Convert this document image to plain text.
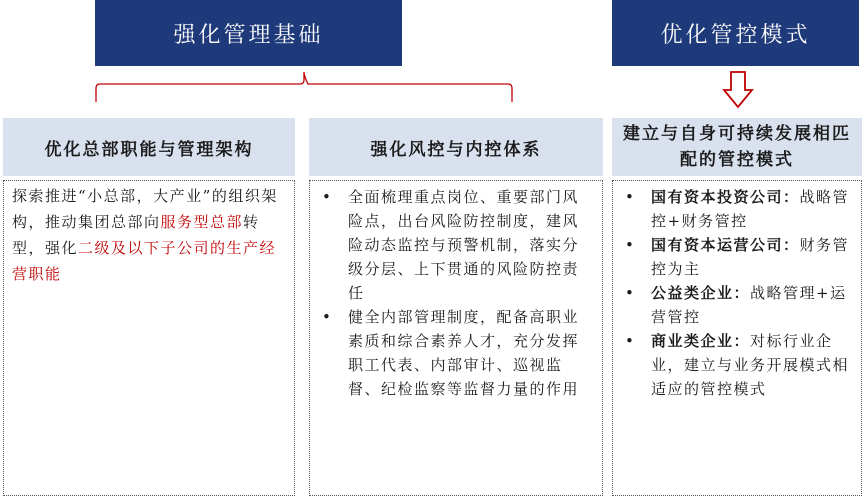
强化管理基础	优化管控模式
优化总部职能与管理架构	强化风控与内控体系
建立与自身可持续发展相匹配的管控模式
探索推进“小总部，大产业”的组织架构，推动集团总部向服务型总部转型，强化二级及以下子公司的生产经营职能
• 全面梳理重点岗位、重要部门风险点，出台风险防控制度，建风险动态监控与预警机制，落实分级分层、上下贯通的风险防控责任
• 健全内部管理制度，配备高职业素质和综合素养人才，充分发挥职工代表、内部审计、巡视监督、纪检监察等监督力量的作用
• 国有资本投资公司：战略管控+财务管控
• 国有资本运营公司：财务管控为主
• 公益类企业：战略管理+运营管控
• 商业类企业：对标行业企业，建立与业务开展模式相适应的管控模式
